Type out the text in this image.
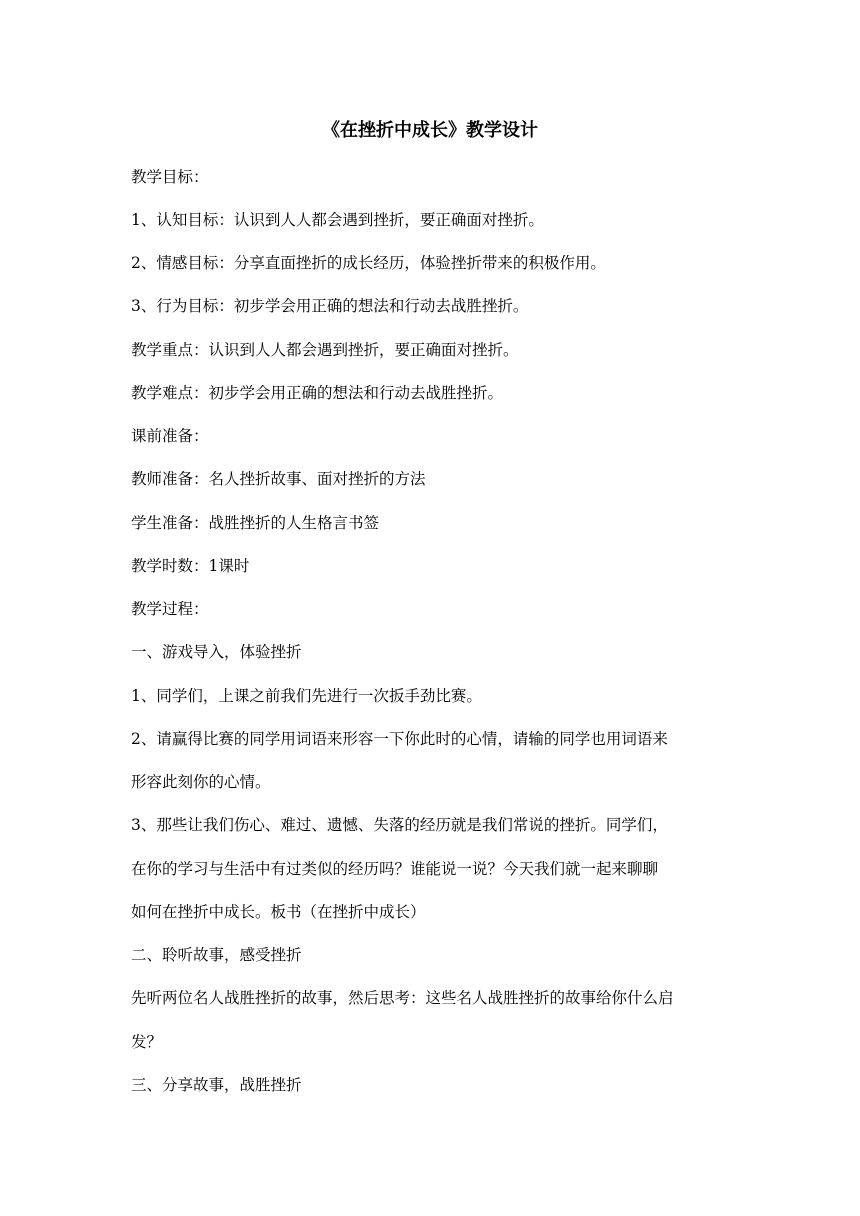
《在挫折中成长》教学设计
教学目标：
1、认知目标：认识到人人都会遇到挫折，要正确面对挫折。
2、情感目标：分享直面挫折的成长经历，体验挫折带来的积极作用。
3、行为目标：初步学会用正确的想法和行动去战胜挫折。
教学重点：认识到人人都会遇到挫折，要正确面对挫折。
教学难点：初步学会用正确的想法和行动去战胜挫折。
课前准备：
教师准备：名人挫折故事、面对挫折的方法
学生准备：战胜挫折的人生格言书签
教学时数：1课时
教学过程：
一、游戏导入，体验挫折
1、同学们，上课之前我们先进行一次扳手劲比赛。
2、请赢得比赛的同学用词语来形容一下你此时的心情，请输的同学也用词语来
形容此刻你的心情。
3、那些让我们伤心、难过、遗憾、失落的经历就是我们常说的挫折。同学们，
在你的学习与生活中有过类似的经历吗？谁能说一说？今天我们就一起来聊聊
如何在挫折中成长。板书（在挫折中成长）
二、聆听故事，感受挫折
先听两位名人战胜挫折的故事，然后思考：这些名人战胜挫折的故事给你什么启
发？
三、分享故事，战胜挫折
